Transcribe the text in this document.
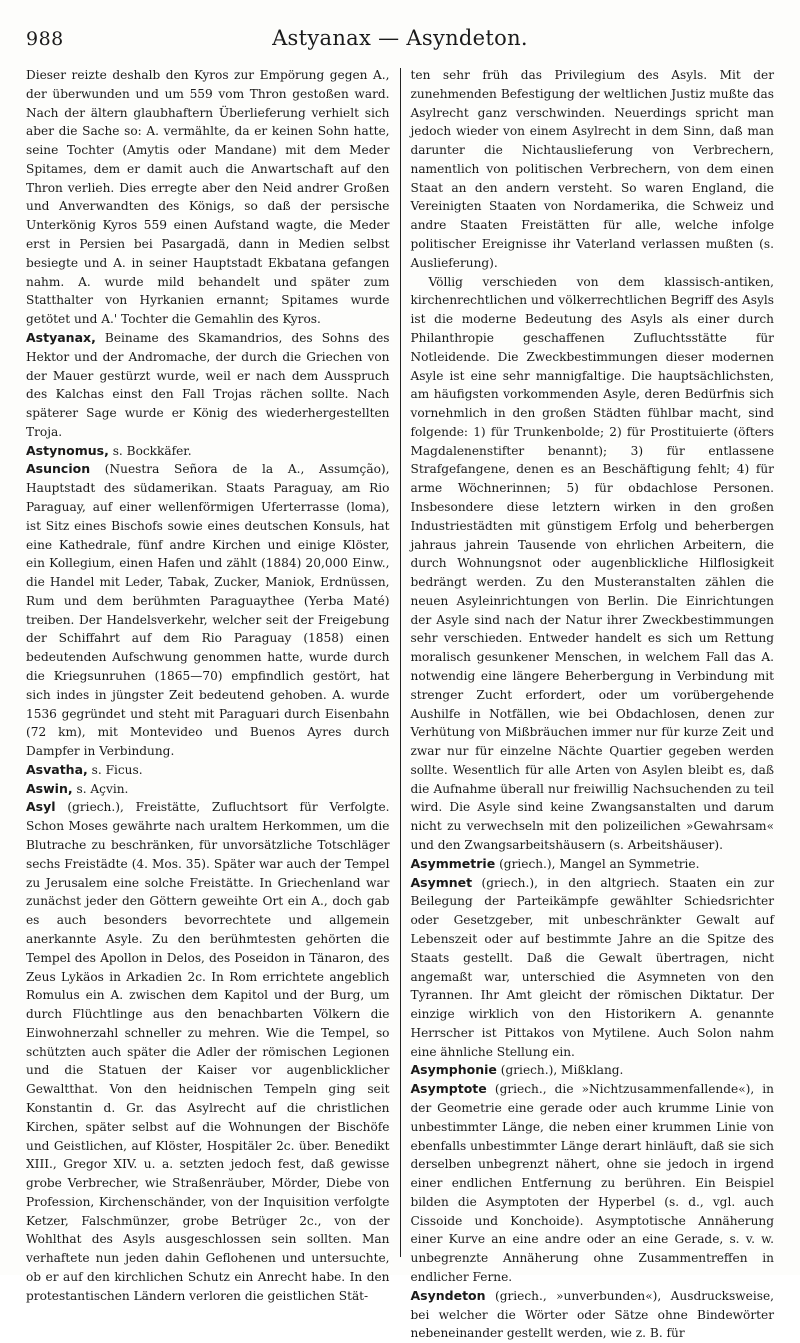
988	Astyanax — Asyndeton.

Dieser reizte deshalb den Kyros zur Empörung gegen A., der überwunden und um 559 vom Thron gestoßen ward. Nach der ältern glaubhaftern Überlieferung verhielt sich aber die Sache so: A. vermählte, da er keinen Sohn hatte, seine Tochter (Amytis oder Mandane) mit dem Meder Spitames, dem er damit auch die Anwartschaft auf den Thron verlieh. Dies erregte aber den Neid andrer Großen und Anverwandten des Königs, so daß der persische Unterkönig Kyros 559 einen Aufstand wagte, die Meder erst in Persien bei Pasargadä, dann in Medien selbst besiegte und A. in seiner Hauptstadt Ekbatana gefangen nahm. A. wurde mild behandelt und später zum Statthalter von Hyrkanien ernannt; Spitames wurde getötet und A.' Tochter die Gemahlin des Kyros.

Astyanax, Beiname des Skamandrios, des Sohns des Hektor und der Andromache, der durch die Griechen von der Mauer gestürzt wurde, weil er nach dem Ausspruch des Kalchas einst den Fall Trojas rächen sollte. Nach späterer Sage wurde er König des wiederhergestellten Troja.

Astynomus, s. Bockkäfer.

Asuncion (Nuestra Señora de la A., Assumção), Hauptstadt des südamerikan. Staats Paraguay, am Rio Paraguay, auf einer wellenförmigen Uferterrasse (loma), ist Sitz eines Bischofs sowie eines deutschen Konsuls, hat eine Kathedrale, fünf andre Kirchen und einige Klöster, ein Kollegium, einen Hafen und zählt (1884) 20,000 Einw., die Handel mit Leder, Tabak, Zucker, Maniok, Erdnüssen, Rum und dem berühmten Paraguaythee (Yerba Maté) treiben. Der Handelsverkehr, welcher seit der Freigebung der Schiffahrt auf dem Rio Paraguay (1858) einen bedeutenden Aufschwung genommen hatte, wurde durch die Kriegsunruhen (1865—70) empfindlich gestört, hat sich indes in jüngster Zeit bedeutend gehoben. A. wurde 1536 gegründet und steht mit Paraguari durch Eisenbahn (72 km), mit Montevideo und Buenos Ayres durch Dampfer in Verbindung.

Asvatha, s. Ficus.

Aswin, s. Açvin.

Asyl (griech.), Freistätte, Zufluchtsort für Verfolgte. Schon Moses gewährte nach uraltem Herkommen, um die Blutrache zu beschränken, für unvorsätzliche Totschläger sechs Freistädte (4. Mos. 35). Später war auch der Tempel zu Jerusalem eine solche Freistätte. In Griechenland war zunächst jeder den Göttern geweihte Ort ein A., doch gab es auch besonders bevorrechtete und allgemein anerkannte Asyle. Zu den berühmtesten gehörten die Tempel des Apollon in Delos, des Poseidon in Tänaron, des Zeus Lykäos in Arkadien 2c. In Rom errichtete angeblich Romulus ein A. zwischen dem Kapitol und der Burg, um durch Flüchtlinge aus den benachbarten Völkern die Einwohnerzahl schneller zu mehren. Wie die Tempel, so schützten auch später die Adler der römischen Legionen und die Statuen der Kaiser vor augenblicklicher Gewaltthat. Von den heidnischen Tempeln ging seit Konstantin d. Gr. das Asylrecht auf die christlichen Kirchen, später selbst auf die Wohnungen der Bischöfe und Geistlichen, auf Klöster, Hospitäler 2c. über. Benedikt XIII., Gregor XIV. u. a. setzten jedoch fest, daß gewisse grobe Verbrecher, wie Straßenräuber, Mörder, Diebe von Profession, Kirchenschänder, von der Inquisition verfolgte Ketzer, Falschmünzer, grobe Betrüger 2c., von der Wohlthat des Asyls ausgeschlossen sein sollten. Man verhaftete nun jeden dahin Geflohenen und untersuchte, ob er auf den kirchlichen Schutz ein Anrecht habe. In den protestantischen Ländern verloren die geistlichen Stät-

ten sehr früh das Privilegium des Asyls. Mit der zunehmenden Befestigung der weltlichen Justiz mußte das Asylrecht ganz verschwinden. Neuerdings spricht man jedoch wieder von einem Asylrecht in dem Sinn, daß man darunter die Nichtauslieferung von Verbrechern, namentlich von politischen Verbrechern, von dem einen Staat an den andern versteht. So waren England, die Vereinigten Staaten von Nordamerika, die Schweiz und andre Staaten Freistätten für alle, welche infolge politischer Ereignisse ihr Vaterland verlassen mußten (s. Auslieferung).

Völlig verschieden von dem klassisch-antiken, kirchenrechtlichen und völkerrechtlichen Begriff des Asyls ist die moderne Bedeutung des Asyls als einer durch Philanthropie geschaffenen Zufluchtsstätte für Notleidende. Die Zweckbestimmungen dieser modernen Asyle ist eine sehr mannigfaltige. Die hauptsächlichsten, am häufigsten vorkommenden Asyle, deren Bedürfnis sich vornehmlich in den großen Städten fühlbar macht, sind folgende: 1) für Trunkenbolde; 2) für Prostituierte (öfters Magdalenenstifter benannt); 3) für entlassene Strafgefangene, denen es an Beschäftigung fehlt; 4) für arme Wöchnerinnen; 5) für obdachlose Personen. Insbesondere diese letztern wirken in den großen Industriestädten mit günstigem Erfolg und beherbergen jahraus jahrein Tausende von ehrlichen Arbeitern, die durch Wohnungsnot oder augenblickliche Hilflosigkeit bedrängt werden. Zu den Musteranstalten zählen die neuen Asyleinrichtungen von Berlin. Die Einrichtungen der Asyle sind nach der Natur ihrer Zweckbestimmungen sehr verschieden. Entweder handelt es sich um Rettung moralisch gesunkener Menschen, in welchem Fall das A. notwendig eine längere Beherbergung in Verbindung mit strenger Zucht erfordert, oder um vorübergehende Aushilfe in Notfällen, wie bei Obdachlosen, denen zur Verhütung von Mißbräuchen immer nur für kurze Zeit und zwar nur für einzelne Nächte Quartier gegeben werden sollte. Wesentlich für alle Arten von Asylen bleibt es, daß die Aufnahme überall nur freiwillig Nachsuchenden zu teil wird. Die Asyle sind keine Zwangsanstalten und darum nicht zu verwechseln mit den polizeilichen »Gewahrsam« und den Zwangsarbeitshäusern (s. Arbeitshäuser).

Asymmetrie (griech.), Mangel an Symmetrie.

Asymnet (griech.), in den altgriech. Staaten ein zur Beilegung der Parteikämpfe gewählter Schiedsrichter oder Gesetzgeber, mit unbeschränkter Gewalt auf Lebenszeit oder auf bestimmte Jahre an die Spitze des Staats gestellt. Daß die Gewalt übertragen, nicht angemaßt war, unterschied die Asymneten von den Tyrannen. Ihr Amt gleicht der römischen Diktatur. Der einzige wirklich von den Historikern A. genannte Herrscher ist Pittakos von Mytilene. Auch Solon nahm eine ähnliche Stellung ein.

Asymphonie (griech.), Mißklang.

Asymptote (griech., die »Nichtzusammenfallende«), in der Geometrie eine gerade oder auch krumme Linie von unbestimmter Länge, die neben einer krummen Linie von ebenfalls unbestimmter Länge derart hinläuft, daß sie sich derselben unbegrenzt nähert, ohne sie jedoch in irgend einer endlichen Entfernung zu berühren. Ein Beispiel bilden die Asymptoten der Hyperbel (s. d., vgl. auch Cissoide und Konchoide). Asymptotische Annäherung einer Kurve an eine andre oder an eine Gerade, s. v. w. unbegrenzte Annäherung ohne Zusammentreffen in endlicher Ferne.

Asyndeton (griech., »unverbunden«), Ausdrucksweise, bei welcher die Wörter oder Sätze ohne Bindewörter nebeneinander gestellt werden, wie z. B. für
